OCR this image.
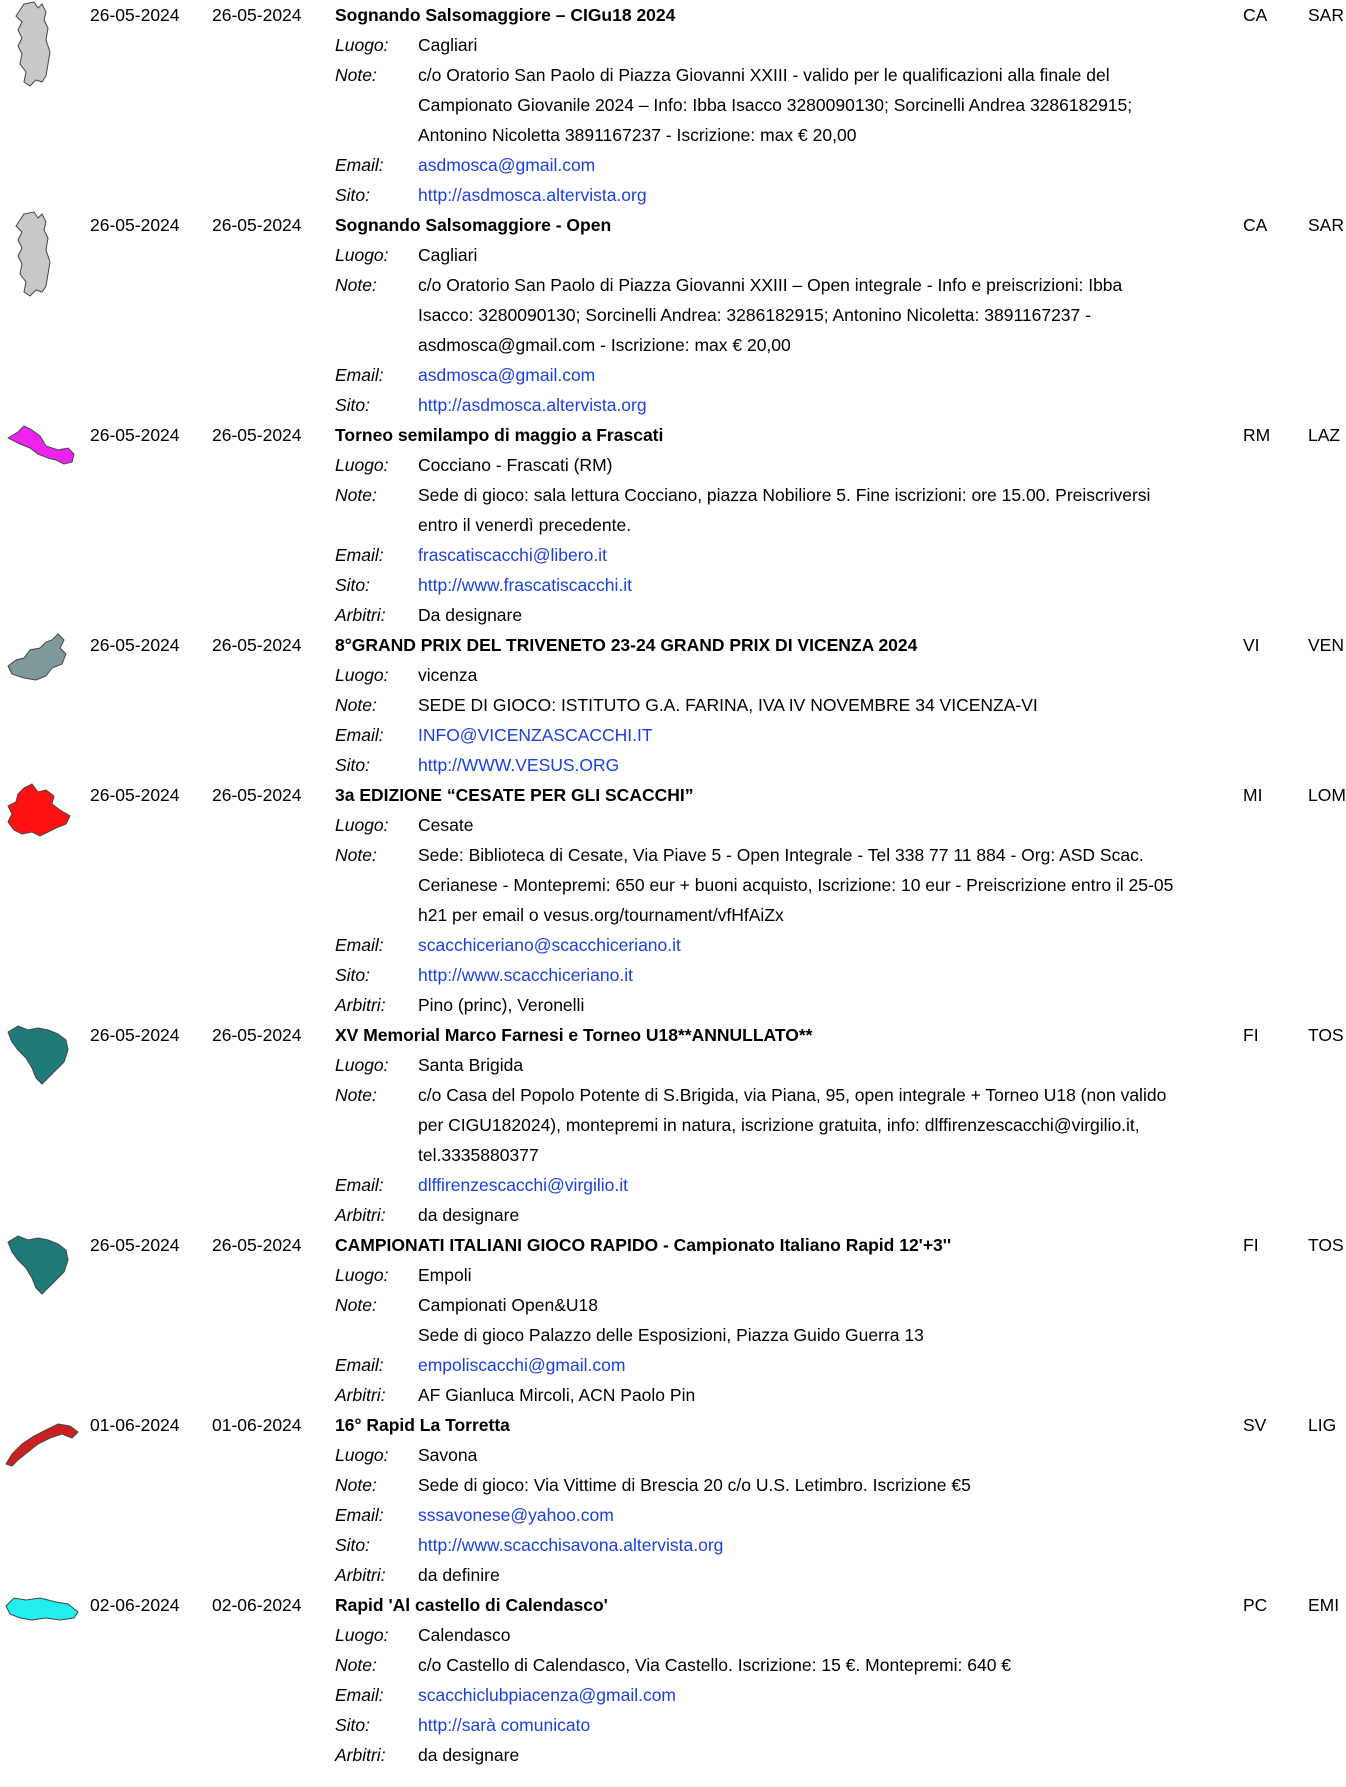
26-05-2024 26-05-2024 Sognando Salsomaggiore – CIGu18 2024	CA SAR
Luogo: Cagliari
Note: c/o Oratorio San Paolo di Piazza Giovanni XXIII - valido per le qualificazioni alla finale del
Campionato Giovanile 2024 – Info: Ibba Isacco 3280090130; Sorcinelli Andrea 3286182915;
Antonino Nicoletta 3891167237 - Iscrizione: max € 20,00
Email: asdmosca@gmail.com
Sito:	http://asdmosca.altervista.org
26-05-2024 26-05-2024 Sognando Salsomaggiore - Open	CA SAR
Luogo: Cagliari
Note: c/o Oratorio San Paolo di Piazza Giovanni XXIII – Open integrale - Info e preiscrizioni: Ibba
Isacco: 3280090130; Sorcinelli Andrea: 3286182915; Antonino Nicoletta: 3891167237 -
asdmosca@gmail.com - Iscrizione: max € 20,00
Email: asdmosca@gmail.com
Sito:	http://asdmosca.altervista.org
26-05-2024 26-05-2024 Torneo semilampo di maggio a Frascati	RM LAZ
Luogo: Cocciano - Frascati (RM)
Note: Sede di gioco: sala lettura Cocciano, piazza Nobiliore 5. Fine iscrizioni: ore 15.00. Preiscriversi
entro il venerdì precedente.
Email: frascatiscacchi@libero.it
Sito:	http://www.frascatiscacchi.it
Arbitri: Da designare
26-05-2024 26-05-2024 8°GRAND PRIX DEL TRIVENETO 23-24 GRAND PRIX DI VICENZA 2024	VI	VEN
Luogo: vicenza
Note: SEDE DI GIOCO: ISTITUTO G.A. FARINA, IVA IV NOVEMBRE 34 VICENZA-VI
Email: INFO@VICENZASCACCHI.IT
Sito:	http://WWW.VESUS.ORG
26-05-2024 26-05-2024 3a EDIZIONE “CESATE PER GLI SCACCHI”	MI	LOM
Luogo: Cesate
Note: Sede: Biblioteca di Cesate, Via Piave 5 - Open Integrale - Tel 338 77 11 884 - Org: ASD Scac.
Cerianese - Montepremi: 650 eur + buoni acquisto, Iscrizione: 10 eur - Preiscrizione entro il 25-05
h21 per email o vesus.org/tournament/vfHfAiZx
Email: scacchiceriano@scacchiceriano.it
Sito:	http://www.scacchiceriano.it
Arbitri: Pino (princ), Veronelli
26-05-2024 26-05-2024 XV Memorial Marco Farnesi e Torneo U18**ANNULLATO**	FI	TOS
Luogo: Santa Brigida
Note: c/o Casa del Popolo Potente di S.Brigida, via Piana, 95, open integrale + Torneo U18 (non valido
per CIGU182024), montepremi in natura, iscrizione gratuita, info: dlffirenzescacchi@virgilio.it,
tel.3335880377
Email: dlffirenzescacchi@virgilio.it
Arbitri: da designare
26-05-2024 26-05-2024 CAMPIONATI ITALIANI GIOCO RAPIDO - Campionato Italiano Rapid 12'+3''	FI	TOS
Luogo: Empoli
Note: Campionati Open&U18
Sede di gioco Palazzo delle Esposizioni, Piazza Guido Guerra 13
Email: empoliscacchi@gmail.com
Arbitri: AF Gianluca Mircoli, ACN Paolo Pin
01-06-2024 01-06-2024 16° Rapid La Torretta	SV LIG
Luogo: Savona
Note: Sede di gioco: Via Vittime di Brescia 20 c/o U.S. Letimbro. Iscrizione €5
Email: sssavonese@yahoo.com
Sito:	http://www.scacchisavona.altervista.org
Arbitri: da definire
02-06-2024 02-06-2024 Rapid 'Al castello di Calendasco'	PC EMI
Luogo: Calendasco
Note: c/o Castello di Calendasco, Via Castello. Iscrizione: 15 €. Montepremi: 640 €
Email: scacchiclubpiacenza@gmail.com
Sito:	http://sarà comunicato
Arbitri: da designare
